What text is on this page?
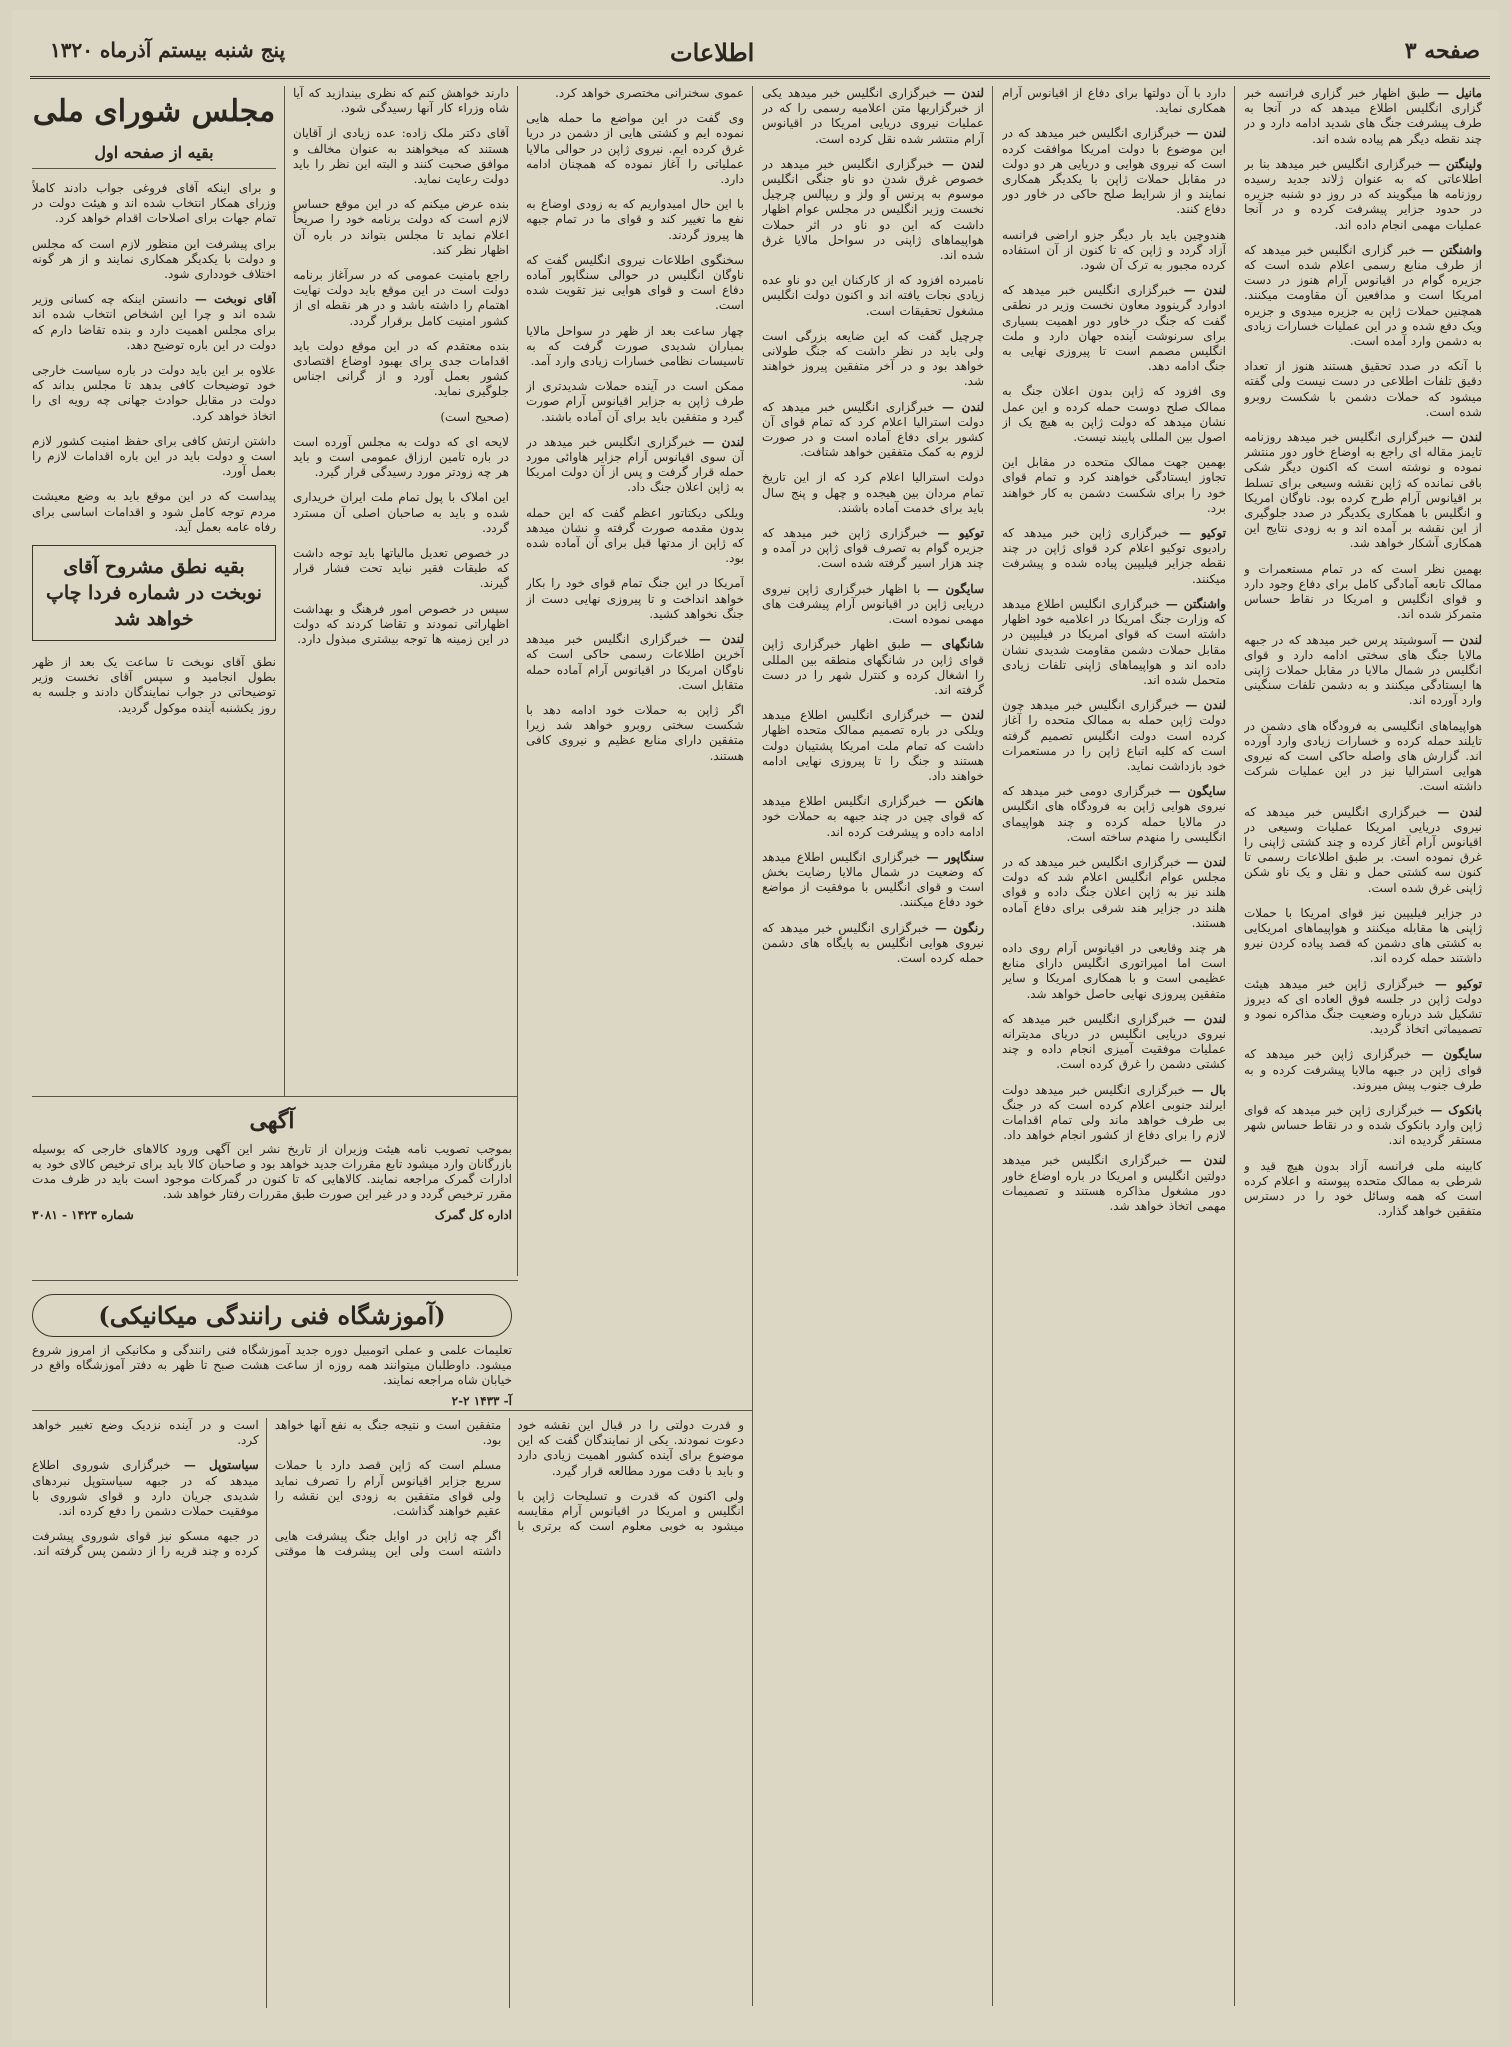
صفحه ۳
اطلاعات
پنج شنبه بیستم آذرماه ۱۳۲۰

مانیل — طبق اظهار خبر گزاری فرانسه خبر گزاری انگلیس اطلاع میدهد که در آنجا به طرف پیشرفت جنگ های شدید ادامه دارد و در چند نقطه دیگر هم پیاده شده اند.

ولینگتن — خبرگزاری انگلیس خبر میدهد بنا بر اطلاعاتی که به عنوان ژلاند جدید رسیده روزنامه ها میگویند که در روز دو شنبه جزیره در حدود جزایر پیشرفت کرده و در آنجا عملیات مهمی انجام داده اند.

واشنگتن — خبر گزاری انگلیس خبر میدهد که از طرف منابع رسمی اعلام شده است که جزیره گوام در اقیانوس آرام هنوز در دست امریکا است و مدافعین آن مقاومت میکنند. همچنین حملات ژاپن به جزیره میدوی و جزیره ویک دفع شده و در این عملیات خسارات زیادی به دشمن وارد آمده است.

با آنکه در صدد تحقیق هستند هنوز از تعداد دقیق تلفات اطلاعی در دست نیست ولی گفته میشود که حملات دشمن با شکست روبرو شده است.

لندن — خبرگزاری انگلیس خبر میدهد روزنامه تایمز مقاله ای راجع به اوضاع خاور دور منتشر نموده و نوشته است که اکنون دیگر شکی باقی نمانده که ژاپن نقشه وسیعی برای تسلط بر اقیانوس آرام طرح کرده بود. ناوگان امریکا و انگلیس با همکاری یکدیگر در صدد جلوگیری از این نقشه بر آمده اند و به زودی نتایج این همکاری آشکار خواهد شد.

بهمین نظر است که در تمام مستعمرات و ممالک تابعه آمادگی کامل برای دفاع وجود دارد و قوای انگلیس و امریکا در نقاط حساس متمرکز شده اند.

لندن — آسوشیتد پرس خبر میدهد که در جبهه مالایا جنگ های سختی ادامه دارد و قوای انگلیس در شمال مالایا در مقابل حملات ژاپنی ها ایستادگی میکنند و به دشمن تلفات سنگینی وارد آورده اند.

هواپیماهای انگلیسی به فرودگاه های دشمن در تایلند حمله کرده و خسارات زیادی وارد آورده اند. گزارش های واصله حاکی است که نیروی هوایی استرالیا نیز در این عملیات شرکت داشته است.

لندن — خبرگزاری انگلیس خبر میدهد که نیروی دریایی امریکا عملیات وسیعی در اقیانوس آرام آغاز کرده و چند کشتی ژاپنی را غرق نموده است. بر طبق اطلاعات رسمی تا کنون سه کشتی حمل و نقل و یک ناو شکن ژاپنی غرق شده است.

در جزایر فیلیپین نیز قوای امریکا با حملات ژاپنی ها مقابله میکنند و هواپیماهای امریکایی به کشتی های دشمن که قصد پیاده کردن نیرو داشتند حمله کرده اند.

توکیو — خبرگزاری ژاپن خبر میدهد هیئت دولت ژاپن در جلسه فوق العاده ای که دیروز تشکیل شد درباره وضعیت جنگ مذاکره نمود و تصمیماتی اتخاذ گردید.

سایگون — خبرگزاری ژاپن خبر میدهد که قوای ژاپن در جبهه مالایا پیشرفت کرده و به طرف جنوب پیش میروند.

بانکوک — خبرگزاری ژاپن خبر میدهد که قوای ژاپن وارد بانکوک شده و در نقاط حساس شهر مستقر گردیده اند.

کابینه ملی فرانسه آزاد بدون هیچ قید و شرطی به ممالک متحده پیوسته و اعلام کرده است که همه وسائل خود را در دسترس متفقین خواهد گذارد.

دارد با آن دولتها برای دفاع از اقیانوس آرام همکاری نماید.

لندن — خبرگزاری انگلیس خبر میدهد که در این موضوع با دولت امریکا موافقت کرده است که نیروی هوایی و دریایی هر دو دولت در مقابل حملات ژاپن با یکدیگر همکاری نمایند و از شرایط صلح حاکی در خاور دور دفاع کنند.

هندوچین باید بار دیگر جزو اراضی فرانسه آزاد گردد و ژاپن که تا کنون از آن استفاده کرده مجبور به ترک آن شود.

لندن — خبرگزاری انگلیس خبر میدهد که ادوارد گرینوود معاون نخست وزیر در نطقی گفت که جنگ در خاور دور اهمیت بسیاری برای سرنوشت آینده جهان دارد و ملت انگلیس مصمم است تا پیروزی نهایی به جنگ ادامه دهد.

وی افزود که ژاپن بدون اعلان جنگ به ممالک صلح دوست حمله کرده و این عمل نشان میدهد که دولت ژاپن به هیچ یک از اصول بین المللی پایبند نیست.

بهمین جهت ممالک متحده در مقابل این تجاوز ایستادگی خواهند کرد و تمام قوای خود را برای شکست دشمن به کار خواهند برد.

توکیو — خبرگزاری ژاپن خبر میدهد که رادیوی توکیو اعلام کرد قوای ژاپن در چند نقطه جزایر فیلیپین پیاده شده و پیشرفت میکنند.

واشنگتن — خبرگزاری انگلیس اطلاع میدهد که وزارت جنگ امریکا در اعلامیه خود اظهار داشته است که قوای امریکا در فیلیپین در مقابل حملات دشمن مقاومت شدیدی نشان داده اند و هواپیماهای ژاپنی تلفات زیادی متحمل شده اند.

لندن — خبرگزاری انگلیس خبر میدهد چون دولت ژاپن حمله به ممالک متحده را آغاز کرده است دولت انگلیس تصمیم گرفته است که کلیه اتباع ژاپن را در مستعمرات خود بازداشت نماید.

سایگون — خبرگزاری دومی خبر میدهد که نیروی هوایی ژاپن به فرودگاه های انگلیس در مالایا حمله کرده و چند هواپیمای انگلیسی را منهدم ساخته است.

لندن — خبرگزاری انگلیس خبر میدهد که در مجلس عوام انگلیس اعلام شد که دولت هلند نیز به ژاپن اعلان جنگ داده و قوای هلند در جزایر هند شرقی برای دفاع آماده هستند.

هر چند وقایعی در اقیانوس آرام روی داده است اما امپراتوری انگلیس دارای منابع عظیمی است و با همکاری امریکا و سایر متفقین پیروزی نهایی حاصل خواهد شد.

لندن — خبرگزاری انگلیس خبر میدهد که نیروی دریایی انگلیس در دریای مدیترانه عملیات موفقیت آمیزی انجام داده و چند کشتی دشمن را غرق کرده است.

بال — خبرگزاری انگلیس خبر میدهد دولت ایرلند جنوبی اعلام کرده است که در جنگ بی طرف خواهد ماند ولی تمام اقدامات لازم را برای دفاع از کشور انجام خواهد داد.

لندن — خبرگزاری انگلیس خبر میدهد دولتین انگلیس و امریکا در باره اوضاع خاور دور مشغول مذاکره هستند و تصمیمات مهمی اتخاذ خواهد شد.

لندن — خبرگزاری انگلیس خبر میدهد یکی از خبرگزاریها متن اعلامیه رسمی را که در عملیات نیروی دریایی امریکا در اقیانوس آرام منتشر شده نقل کرده است.

لندن — خبرگزاری انگلیس خبر میدهد در خصوص غرق شدن دو ناو جنگی انگلیس موسوم به پرنس آو ولز و ریپالس چرچیل نخست وزیر انگلیس در مجلس عوام اظهار داشت که این دو ناو در اثر حملات هواپیماهای ژاپنی در سواحل مالایا غرق شده اند.

نامبرده افزود که از کارکنان این دو ناو عده زیادی نجات یافته اند و اکنون دولت انگلیس مشغول تحقیقات است.

چرچیل گفت که این ضایعه بزرگی است ولی باید در نظر داشت که جنگ طولانی خواهد بود و در آخر متفقین پیروز خواهند شد.

لندن — خبرگزاری انگلیس خبر میدهد که دولت استرالیا اعلام کرد که تمام قوای آن کشور برای دفاع آماده است و در صورت لزوم به کمک متفقین خواهد شتافت.

دولت استرالیا اعلام کرد که از این تاریخ تمام مردان بین هیجده و چهل و پنج سال باید برای خدمت آماده باشند.

توکیو — خبرگزاری ژاپن خبر میدهد که جزیره گوام به تصرف قوای ژاپن در آمده و چند هزار اسیر گرفته شده است.

سایگون — با اظهار خبرگزاری ژاپن نیروی دریایی ژاپن در اقیانوس آرام پیشرفت های مهمی نموده است.

شانگهای — طبق اظهار خبرگزاری ژاپن قوای ژاپن در شانگهای منطقه بین المللی را اشغال کرده و کنترل شهر را در دست گرفته اند.

لندن — خبرگزاری انگلیس اطلاع میدهد ویلکی در باره تصمیم ممالک متحده اظهار داشت که تمام ملت امریکا پشتیبان دولت هستند و جنگ را تا پیروزی نهایی ادامه خواهند داد.

هانکن — خبرگزاری انگلیس اطلاع میدهد که قوای چین در چند جبهه به حملات خود ادامه داده و پیشرفت کرده اند.

سنگاپور — خبرگزاری انگلیس اطلاع میدهد که وضعیت در شمال مالایا رضایت بخش است و قوای انگلیس با موفقیت از مواضع خود دفاع میکنند.

رنگون — خبرگزاری انگلیس خبر میدهد که نیروی هوایی انگلیس به پایگاه های دشمن حمله کرده است.

عموی سخنرانی مختصری خواهد کرد.

وی گفت در این مواضع ما حمله هایی نموده ایم و کشتی هایی از دشمن در دریا غرق کرده ایم. نیروی ژاپن در حوالی مالایا عملیاتی را آغاز نموده که همچنان ادامه دارد.

با این حال امیدواریم که به زودی اوضاع به نفع ما تغییر کند و قوای ما در تمام جبهه ها پیروز گردند.

سخنگوی اطلاعات نیروی انگلیس گفت که ناوگان انگلیس در حوالی سنگاپور آماده دفاع است و قوای هوایی نیز تقویت شده است.

چهار ساعت بعد از ظهر در سواحل مالایا بمباران شدیدی صورت گرفت که به تاسیسات نظامی خسارات زیادی وارد آمد.

ممکن است در آینده حملات شدیدتری از طرف ژاپن به جزایر اقیانوس آرام صورت گیرد و متفقین باید برای آن آماده باشند.

لندن — خبرگزاری انگلیس خبر میدهد در آن سوی اقیانوس آرام جزایر هاوائی مورد حمله قرار گرفت و پس از آن دولت امریکا به ژاپن اعلان جنگ داد.

ویلکی دیکتاتور اعظم گفت که این حمله بدون مقدمه صورت گرفته و نشان میدهد که ژاپن از مدتها قبل برای آن آماده شده بود.

آمریکا در این جنگ تمام قوای خود را بکار خواهد انداخت و تا پیروزی نهایی دست از جنگ نخواهد کشید.

لندن — خبرگزاری انگلیس خبر میدهد آخرین اطلاعات رسمی حاکی است که ناوگان امریکا در اقیانوس آرام آماده حمله متقابل است.

اگر ژاپن به حملات خود ادامه دهد با شکست سختی روبرو خواهد شد زیرا متفقین دارای منابع عظیم و نیروی کافی هستند.

دارند خواهش کنم که نظری بیندازید که آیا شاه وزراء کار آنها رسیدگی شود.

آقای دکتر ملک زاده: عده زیادی از آقایان هستند که میخواهند به عنوان مخالف و موافق صحبت کنند و البته این نظر را باید دولت رعایت نماید.

بنده عرض میکنم که در این موقع حساس لازم است که دولت برنامه خود را صریحاً اعلام نماید تا مجلس بتواند در باره آن اظهار نظر کند.

راجع بامنیت عمومی که در سرآغاز برنامه دولت است در این موقع باید دولت نهایت اهتمام را داشته باشد و در هر نقطه ای از کشور امنیت کامل برقرار گردد.

بنده معتقدم که در این موقع دولت باید اقدامات جدی برای بهبود اوضاع اقتصادی کشور بعمل آورد و از گرانی اجناس جلوگیری نماید.

(صحیح است)

لایحه ای که دولت به مجلس آورده است در باره تامین ارزاق عمومی است و باید هر چه زودتر مورد رسیدگی قرار گیرد.

این املاک با پول تمام ملت ایران خریداری شده و باید به صاحبان اصلی آن مسترد گردد.

در خصوص تعدیل مالیاتها باید توجه داشت که طبقات فقیر نباید تحت فشار قرار گیرند.

سپس در خصوص امور فرهنگ و بهداشت اظهاراتی نمودند و تقاضا کردند که دولت در این زمینه ها توجه بیشتری مبذول دارد.

مجلس شورای ملی
بقیه از صفحه اول

و برای اینکه آقای فروغی جواب دادند کاملاً وزرای همکار انتخاب شده اند و هیئت دولت در تمام جهات برای اصلاحات اقدام خواهد کرد.

برای پیشرفت این منظور لازم است که مجلس و دولت با یکدیگر همکاری نمایند و از هر گونه اختلاف خودداری شود.

آقای نوبخت — دانستن اینکه چه کسانی وزیر شده اند و چرا این اشخاص انتخاب شده اند برای مجلس اهمیت دارد و بنده تقاضا دارم که دولت در این باره توضیح دهد.

علاوه بر این باید دولت در باره سیاست خارجی خود توضیحات کافی بدهد تا مجلس بداند که دولت در مقابل حوادث جهانی چه رویه ای را اتخاذ خواهد کرد.

داشتن ارتش کافی برای حفظ امنیت کشور لازم است و دولت باید در این باره اقدامات لازم را بعمل آورد.

پیداست که در این موقع باید به وضع معیشت مردم توجه کامل شود و اقدامات اساسی برای رفاه عامه بعمل آید.

بقیه نطق مشروح آقای نوبخت در شماره فردا چاپ خواهد شد

نطق آقای نوبخت تا ساعت یک بعد از ظهر بطول انجامید و سپس آقای نخست وزیر توضیحاتی در جواب نمایندگان دادند و جلسه به روز یکشنبه آینده موکول گردید.

آگهی

بموجب تصویب نامه هیئت وزیران از تاریخ نشر این آگهی ورود کالاهای خارجی که بوسیله بازرگانان وارد میشود تابع مقررات جدید خواهد بود و صاحبان کالا باید برای ترخیص کالای خود به ادارات گمرک مراجعه نمایند. کالاهایی که تا کنون در گمرکات موجود است باید در ظرف مدت مقرر ترخیص گردد و در غیر این صورت طبق مقررات رفتار خواهد شد.

اداره کل گمرک
شماره ۱۴۲۳ - ۳۰۸۱
(آموزشگاه فنی رانندگی میکانیکی)

تعلیمات علمی و عملی اتومبیل دوره جدید آموزشگاه فنی رانندگی و مکانیکی از امروز شروع میشود. داوطلبان میتوانند همه روزه از ساعت هشت صبح تا ظهر به دفتر آموزشگاه واقع در خیابان شاه مراجعه نمایند.

آ- ۱۴۳۳ ۲-۲

و قدرت دولتی را در قبال این نقشه خود دعوت نمودند. یکی از نمایندگان گفت که این موضوع برای آینده کشور اهمیت زیادی دارد و باید با دقت مورد مطالعه قرار گیرد.

ولی اکنون که قدرت و تسلیحات ژاپن با انگلیس و امریکا در اقیانوس آرام مقایسه میشود به خوبی معلوم است که برتری با متفقین است و نتیجه جنگ به نفع آنها خواهد بود.

مسلم است که ژاپن قصد دارد با حملات سریع جزایر اقیانوس آرام را تصرف نماید ولی قوای متفقین به زودی این نقشه را عقیم خواهند گذاشت.

اگر چه ژاپن در اوایل جنگ پیشرفت هایی داشته است ولی این پیشرفت ها موقتی است و در آینده نزدیک وضع تغییر خواهد کرد.

سیاستوپل — خبرگزاری شوروی اطلاع میدهد که در جبهه سیاستوپل نبردهای شدیدی جریان دارد و قوای شوروی با موفقیت حملات دشمن را دفع کرده اند.

در جبهه مسکو نیز قوای شوروی پیشرفت کرده و چند قریه را از دشمن پس گرفته اند.
